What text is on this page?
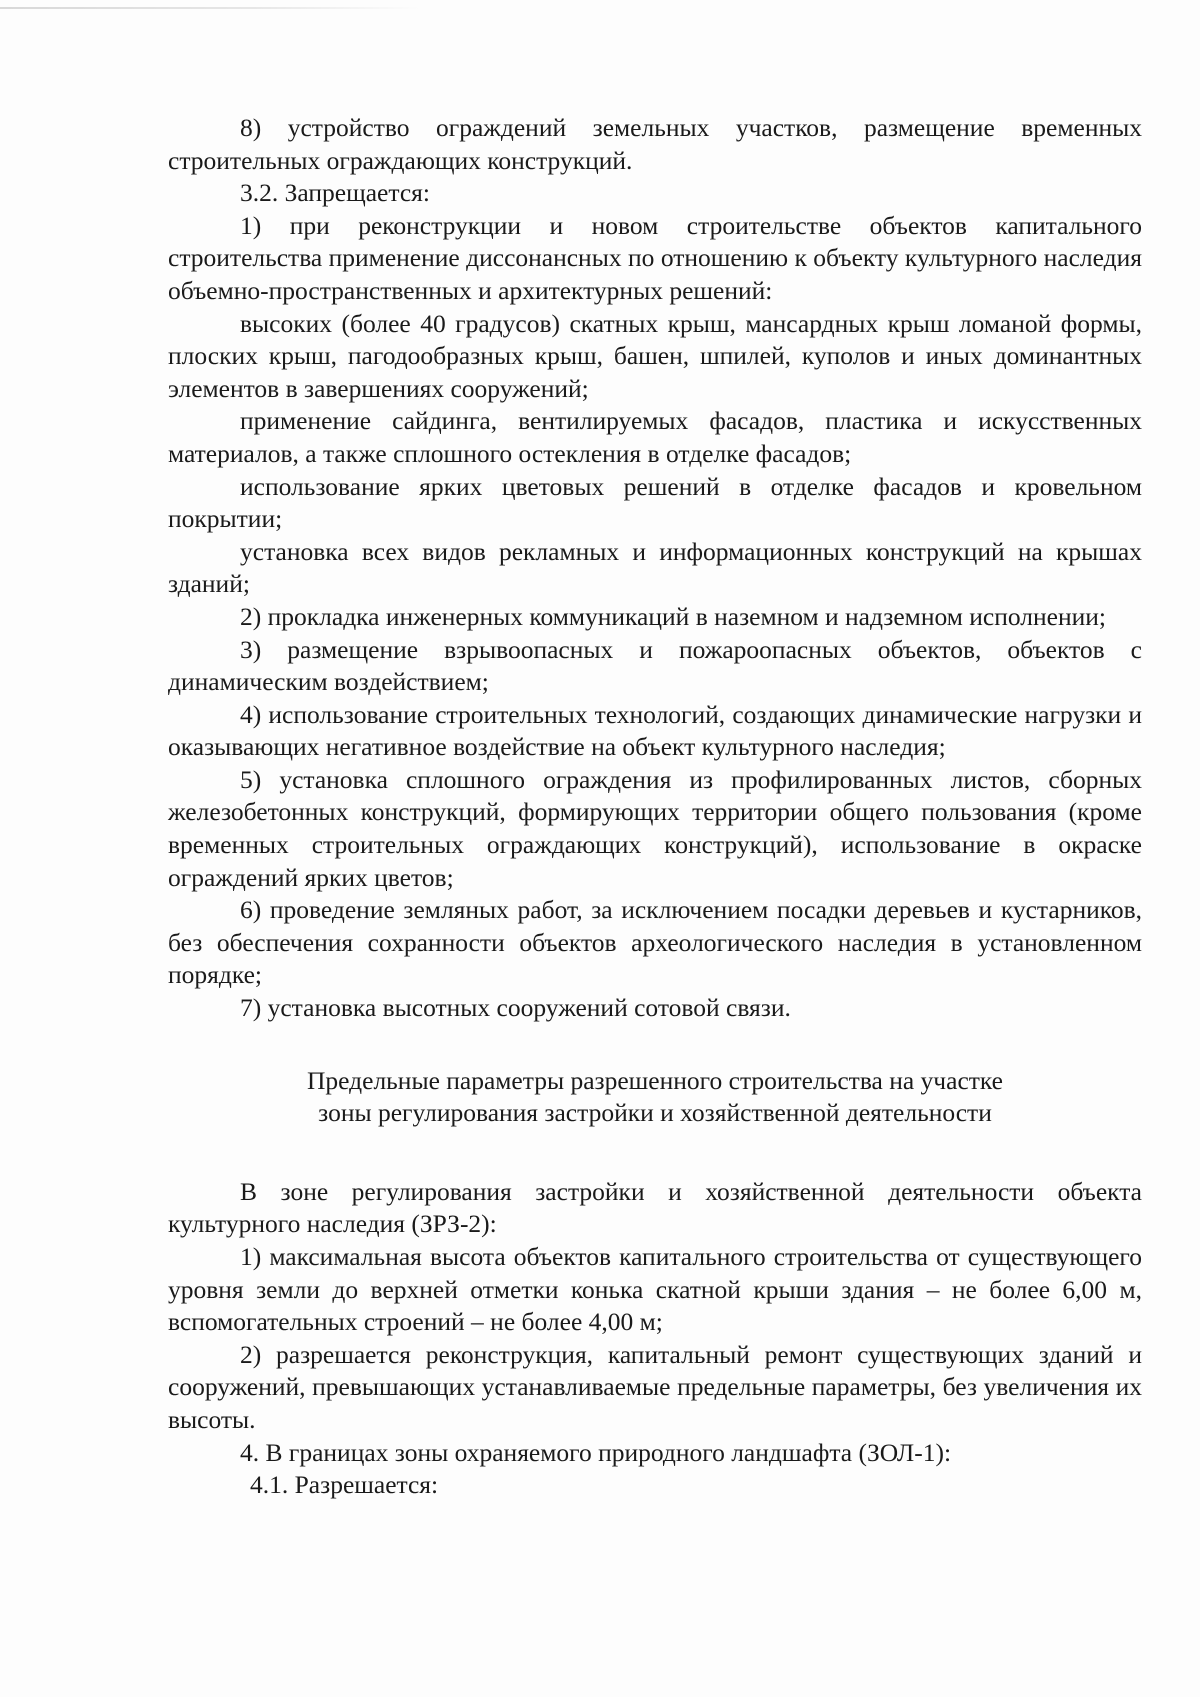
8) устройство ограждений земельных участков, размещение временных строительных ограждающих конструкций.

3.2. Запрещается:

1) при реконструкции и новом строительстве объектов капитального строительства применение диссонансных по отношению к объекту культурного наследия объемно-пространственных и архитектурных решений:

высоких (более 40 градусов) скатных крыш, мансардных крыш ломаной формы, плоских крыш, пагодообразных крыш, башен, шпилей, куполов и иных доминантных элементов в завершениях сооружений;

применение сайдинга, вентилируемых фасадов, пластика и искусственных материалов, а также сплошного остекления в отделке фасадов;

использование ярких цветовых решений в отделке фасадов и кровельном покрытии;

установка всех видов рекламных и информационных конструкций на крышах зданий;

2) прокладка инженерных коммуникаций в наземном и надземном исполнении;

3) размещение взрывоопасных и пожароопасных объектов, объектов с динамическим воздействием;

4) использование строительных технологий, создающих динамические нагрузки и оказывающих негативное воздействие на объект культурного наследия;

5) установка сплошного ограждения из профилированных листов, сборных железобетонных конструкций, формирующих территории общего пользования (кроме временных строительных ограждающих конструкций), использование в окраске ограждений ярких цветов;

6) проведение земляных работ, за исключением посадки деревьев и кустарников, без обеспечения сохранности объектов археологического наследия в установленном порядке;

7) установка высотных сооружений сотовой связи.

Предельные параметры разрешенного строительства на участке
зоны регулирования застройки и хозяйственной деятельности

В зоне регулирования застройки и хозяйственной деятельности объекта культурного наследия (ЗРЗ-2):

1) максимальная высота объектов капитального строительства от существующего уровня земли до верхней отметки конька скатной крыши здания – не более 6,00 м, вспомогательных строений – не более 4,00 м;

2) разрешается реконструкция, капитальный ремонт существующих зданий и сооружений, превышающих устанавливаемые предельные параметры, без увеличения их высоты.

4. В границах зоны охраняемого природного ландшафта (ЗОЛ-1):

4.1. Разрешается:
